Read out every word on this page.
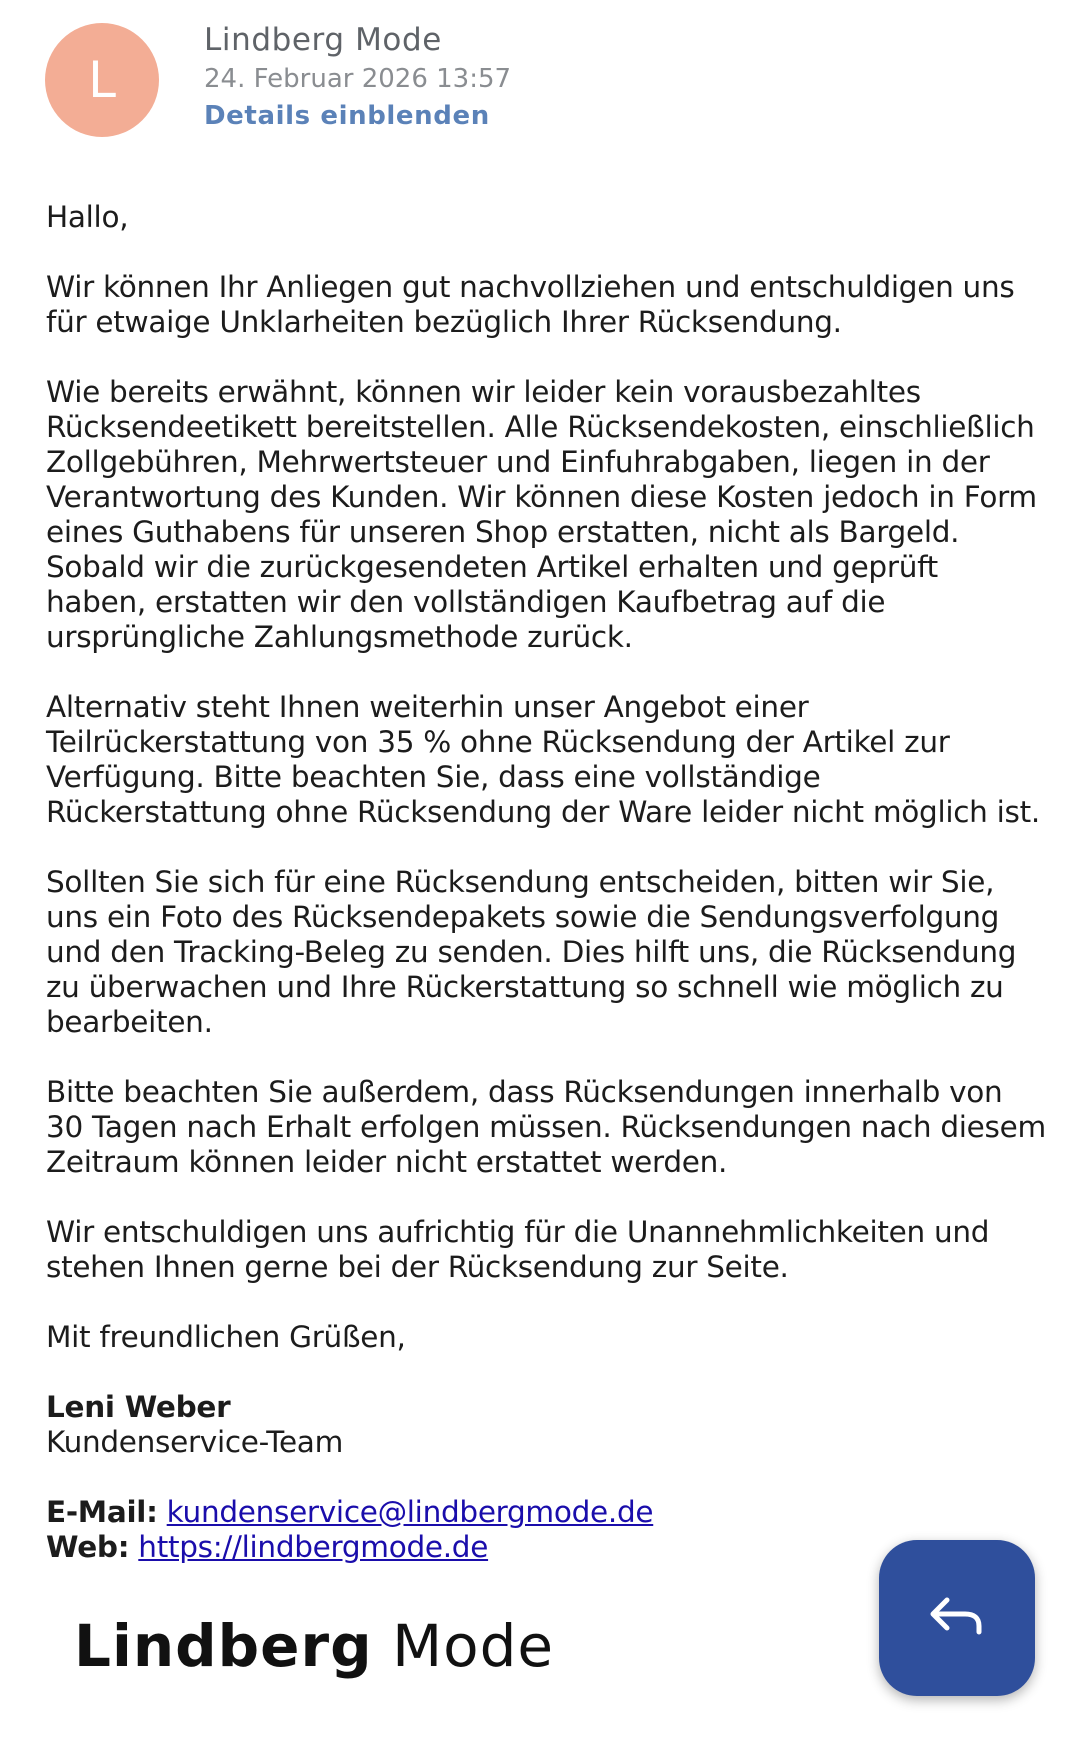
L
Lindberg Mode
24. Februar 2026 13:57
Details einblenden

Hallo,

Wir können Ihr Anliegen gut nachvollziehen und entschuldigen uns für etwaige Unklarheiten bezüglich Ihrer Rücksendung.

Wie bereits erwähnt, können wir leider kein vorausbezahltes Rücksendeetikett bereitstellen. Alle Rücksendekosten, einschließlich Zollgebühren, Mehrwertsteuer und Einfuhrabgaben, liegen in der Verantwortung des Kunden. Wir können diese Kosten jedoch in Form eines Guthabens für unseren Shop erstatten, nicht als Bargeld. Sobald wir die zurückgesendeten Artikel erhalten und geprüft haben, erstatten wir den vollständigen Kaufbetrag auf die ursprüngliche Zahlungsmethode zurück.

Alternativ steht Ihnen weiterhin unser Angebot einer Teilrückerstattung von 35 % ohne Rücksendung der Artikel zur Verfügung. Bitte beachten Sie, dass eine vollständige Rückerstattung ohne Rücksendung der Ware leider nicht möglich ist.

Sollten Sie sich für eine Rücksendung entscheiden, bitten wir Sie, uns ein Foto des Rücksendepakets sowie die Sendungsverfolgung und den Tracking-Beleg zu senden. Dies hilft uns, die Rücksendung zu überwachen und Ihre Rückerstattung so schnell wie möglich zu bearbeiten.

Bitte beachten Sie außerdem, dass Rücksendungen innerhalb von 30 Tagen nach Erhalt erfolgen müssen. Rücksendungen nach diesem Zeitraum können leider nicht erstattet werden.

Wir entschuldigen uns aufrichtig für die Unannehmlichkeiten und stehen Ihnen gerne bei der Rücksendung zur Seite.

Mit freundlichen Grüßen,

Leni Weber
Kundenservice-Team

E-Mail: kundenservice@lindbergmode.de
Web: https://lindbergmode.de

Lindberg Mode
